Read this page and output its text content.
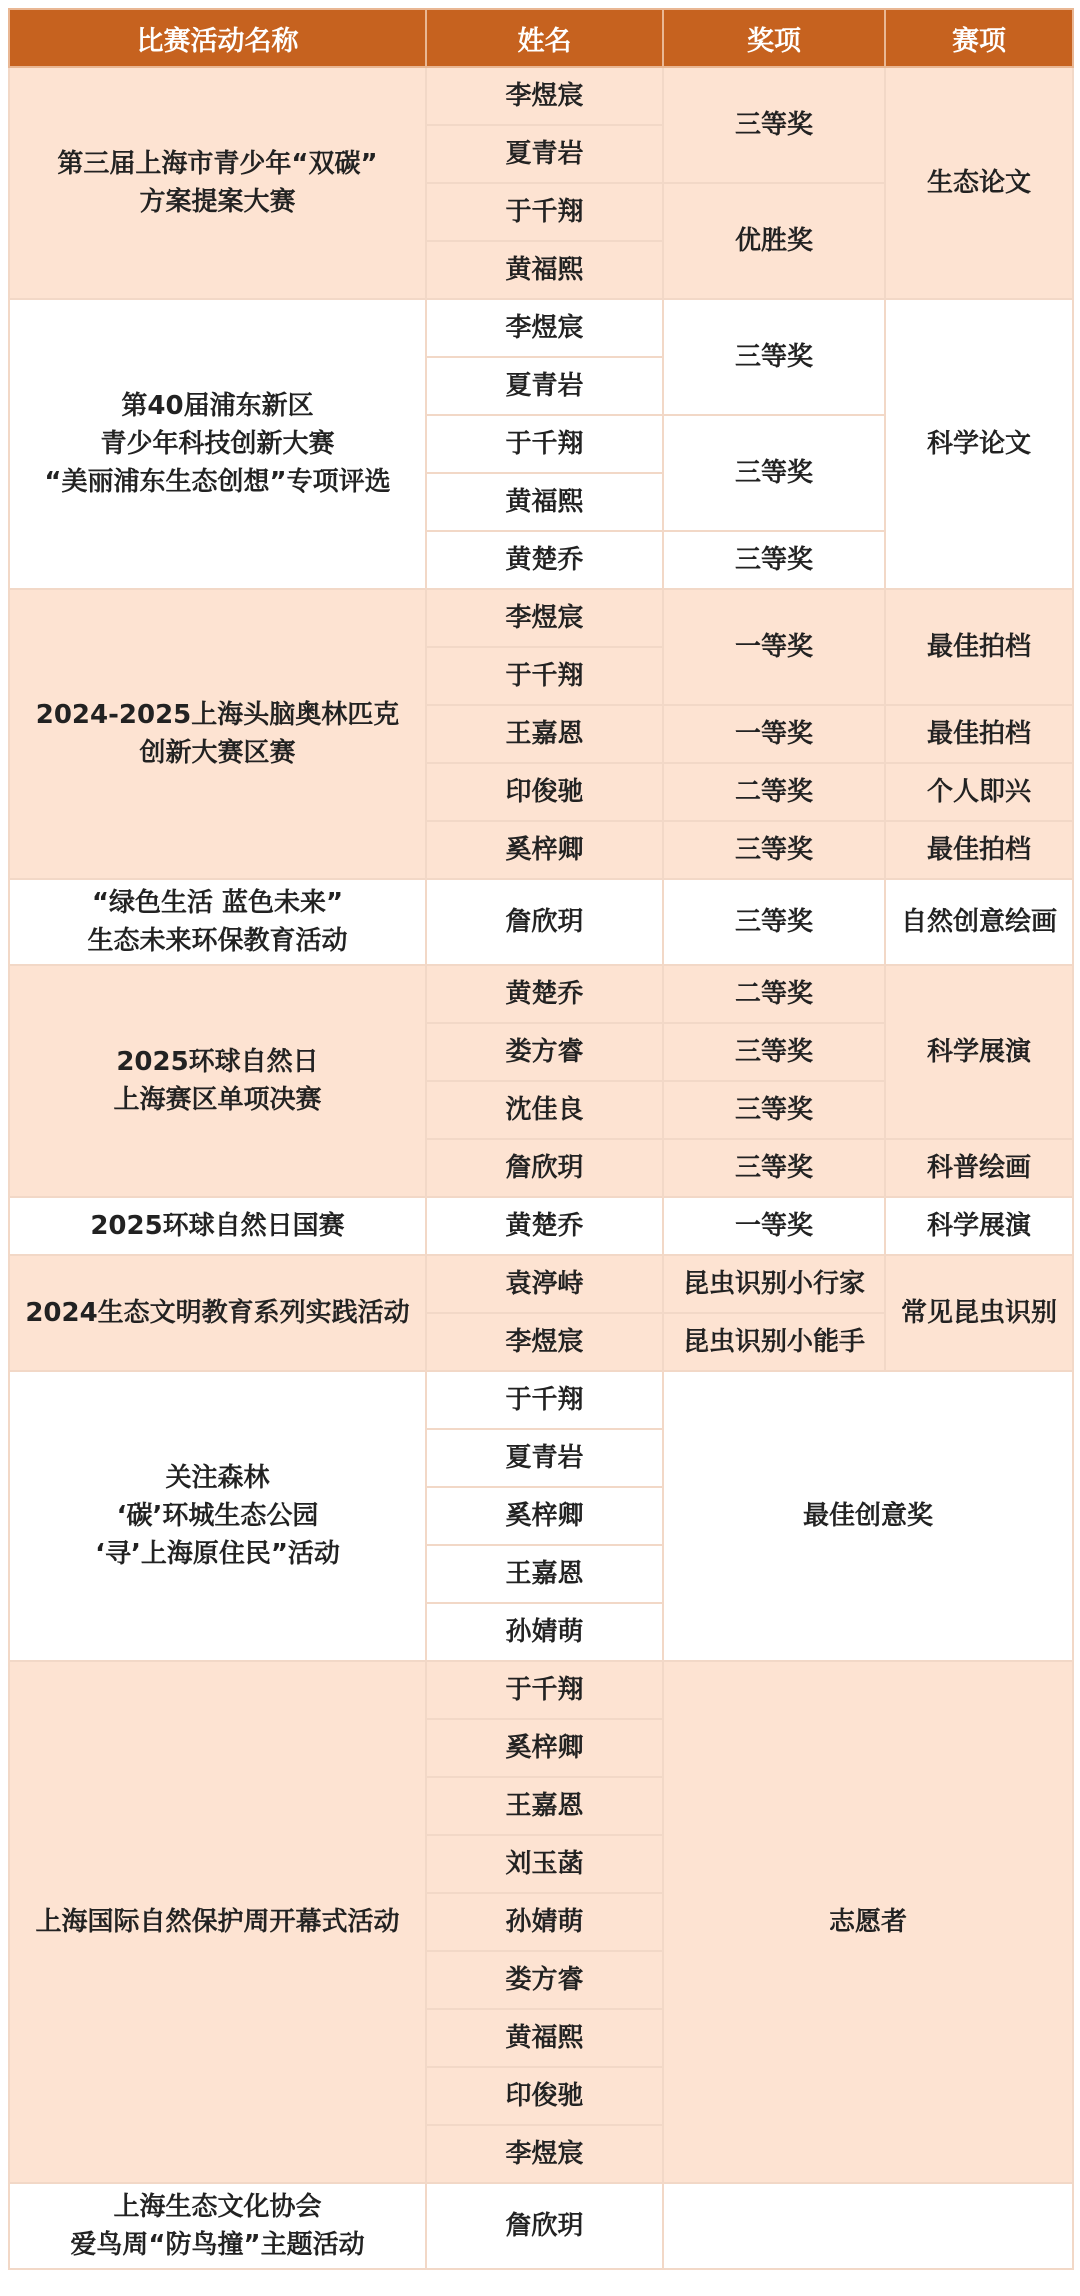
比赛活动名称	姓名	奖项	赛项

第三届上海市青少年“双碳”
方案提案大赛	李煜宸	三等奖	生态论文
	夏青岩		
	于千翔	优胜奖	
	黄福熙		

第40届浦东新区
青少年科技创新大赛
“美丽浦东生态创想”专项评选	李煜宸	三等奖	科学论文
	夏青岩		
	于千翔	三等奖	
	黄福熙		
	黄楚乔	三等奖	

2024-2025上海头脑奥林匹克
创新大赛区赛	李煜宸	一等奖	最佳拍档
	于千翔		
	王嘉恩	一等奖	最佳拍档
	印俊驰	二等奖	个人即兴
	奚梓卿	三等奖	最佳拍档

“绿色生活 蓝色未来”
生态未来环保教育活动	詹欣玥	三等奖	自然创意绘画

2025环球自然日
上海赛区单项决赛	黄楚乔	二等奖	科学展演
	娄方睿	三等奖	
	沈佳良	三等奖	
	詹欣玥	三等奖	科普绘画

2025环球自然日国赛	黄楚乔	一等奖	科学展演

2024生态文明教育系列实践活动	袁渟峙	昆虫识别小行家	常见昆虫识别
	李煜宸	昆虫识别小能手	

关注森林
‘碳’环城生态公园
‘寻’上海原住民”活动	于千翔	最佳创意奖	
	夏青岩		
	奚梓卿		
	王嘉恩		
	孙婧萌		

上海国际自然保护周开幕式活动	于千翔	志愿者	
	奚梓卿		
	王嘉恩		
	刘玉菡		
	孙婧萌		
	娄方睿		
	黄福熙		
	印俊驰		
	李煜宸		

上海生态文化协会
爱鸟周“防鸟撞”主题活动	詹欣玥		
